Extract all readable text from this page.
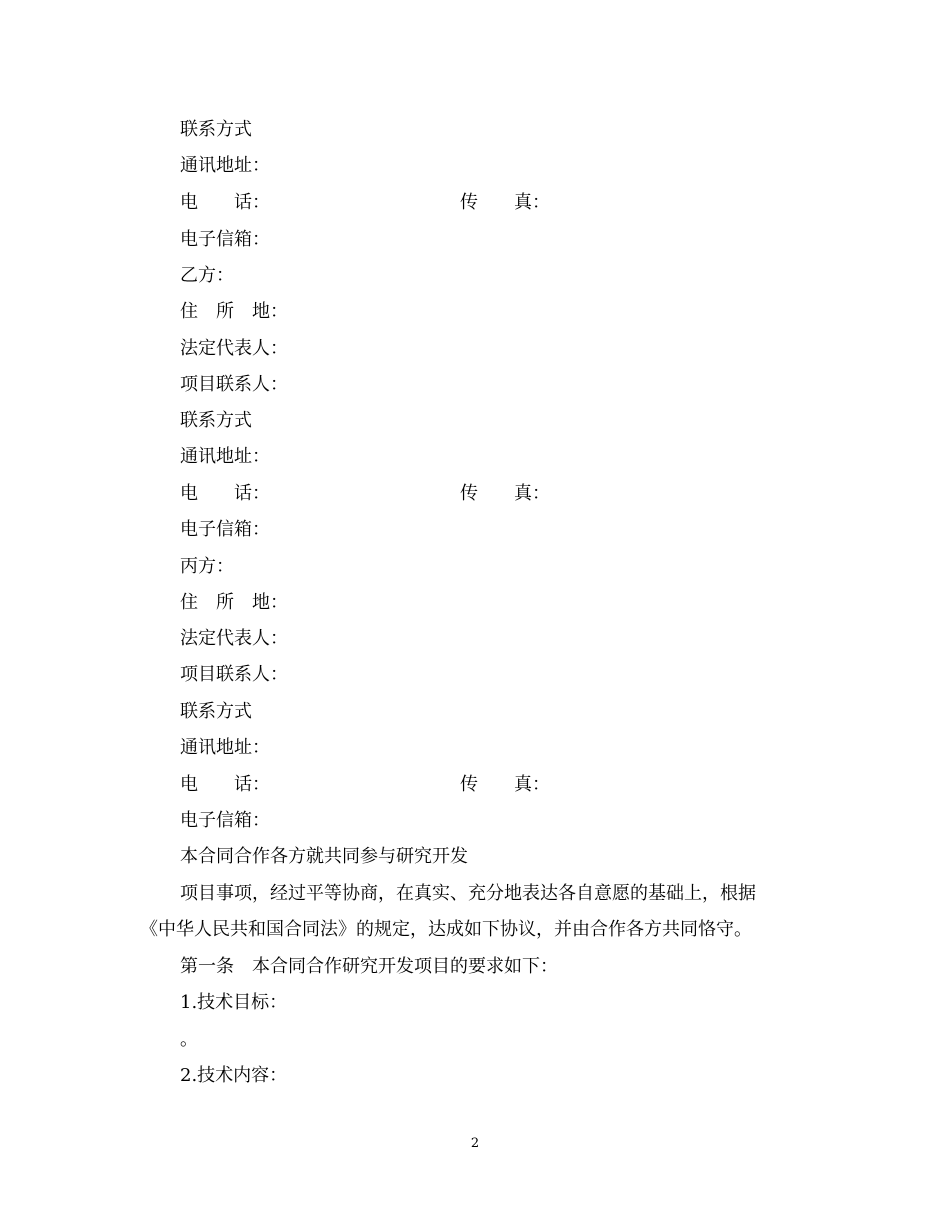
联系方式
通讯地址：
电　　话：	传　　真：
电子信箱：
乙方：
住　所　地：
法定代表人：
项目联系人：
联系方式
通讯地址：
电　　话：	传　　真：
电子信箱：
丙方：
住　所　地：
法定代表人：
项目联系人：
联系方式
通讯地址：
电　　话：	传　　真：
电子信箱：
本合同合作各方就共同参与研究开发
项目事项，经过平等协商，在真实、充分地表达各自意愿的基础上，根据
《中华人民共和国合同法》的规定，达成如下协议，并由合作各方共同恪守。
第一条　本合同合作研究开发项目的要求如下：
1.技术目标：
。
2.技术内容：
2
